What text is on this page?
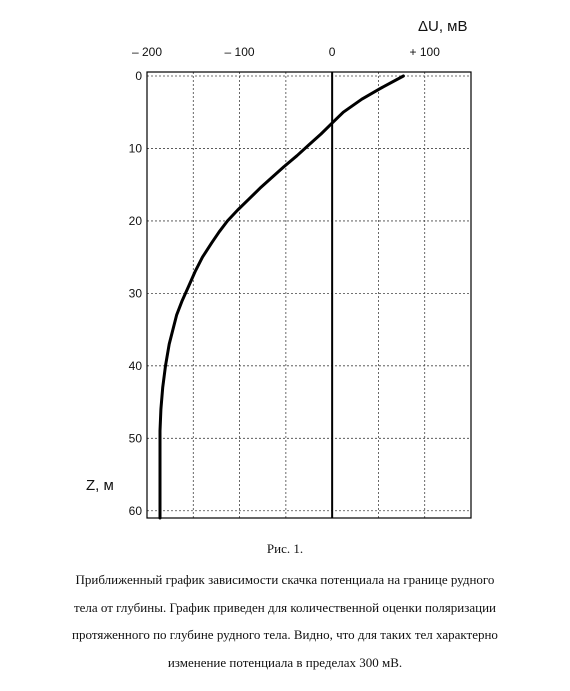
– 200	– 100	0	+ 100
0
10
20
30
40
50
60
ΔU, мВ
Z, м
Рис. 1.
Приближенный график зависимости скачка потенциала на границе рудного
тела от глубины. График приведен для количественной оценки поляризации
протяженного по глубине рудного тела. Видно, что для таких тел характерно
изменение потенциала в пределах 300 мВ.
